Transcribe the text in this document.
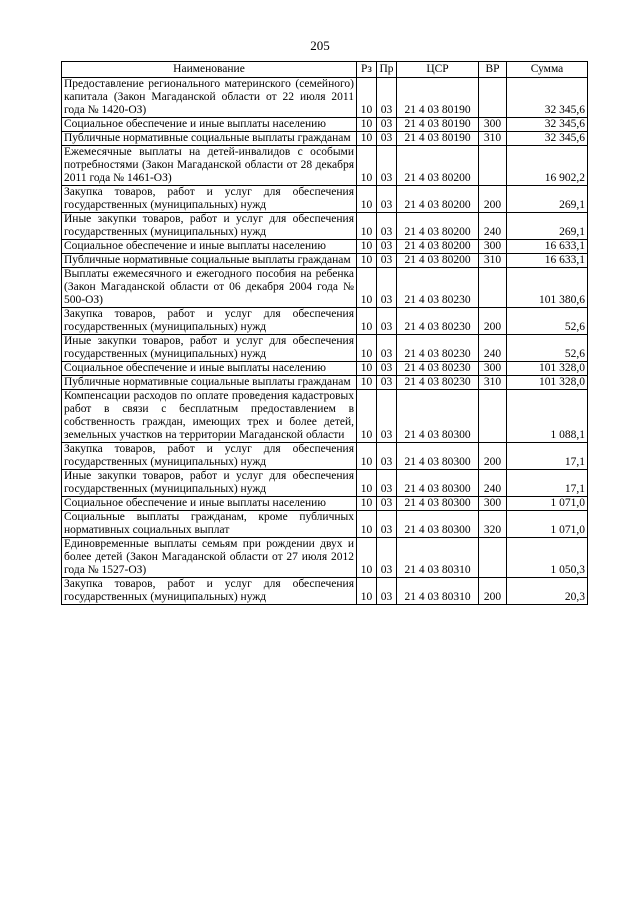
205
Наименование	Рз	Пр	ЦСР	ВР	Сумма
Предоставление регионального материнского (семейного) капитала (Закон Магаданской области от 22 июля 2011 года № 1420-ОЗ)	10	03	21 4 03 80190		32 345,6
Социальное обеспечение и иные выплаты населению	10	03	21 4 03 80190	300	32 345,6
Публичные нормативные социальные выплаты гражданам	10	03	21 4 03 80190	310	32 345,6
Ежемесячные выплаты на детей-инвалидов с особыми потребностями (Закон Магаданской области от 28 декабря 2011 года № 1461-ОЗ)	10	03	21 4 03 80200		16 902,2
Закупка товаров, работ и услуг для обеспечения государственных (муниципальных) нужд	10	03	21 4 03 80200	200	269,1
Иные закупки товаров, работ и услуг для обеспечения государственных (муниципальных) нужд	10	03	21 4 03 80200	240	269,1
Социальное обеспечение и иные выплаты населению	10	03	21 4 03 80200	300	16 633,1
Публичные нормативные социальные выплаты гражданам	10	03	21 4 03 80200	310	16 633,1
Выплаты ежемесячного и ежегодного пособия на ребенка (Закон Магаданской области от 06 декабря 2004 года № 500-ОЗ)	10	03	21 4 03 80230		101 380,6
Закупка товаров, работ и услуг для обеспечения государственных (муниципальных) нужд	10	03	21 4 03 80230	200	52,6
Иные закупки товаров, работ и услуг для обеспечения государственных (муниципальных) нужд	10	03	21 4 03 80230	240	52,6
Социальное обеспечение и иные выплаты населению	10	03	21 4 03 80230	300	101 328,0
Публичные нормативные социальные выплаты гражданам	10	03	21 4 03 80230	310	101 328,0
Компенсации расходов по оплате проведения кадастровых работ в связи с бесплатным предоставлением в собственность граждан, имеющих трех и более детей, земельных участков на территории Магаданской области	10	03	21 4 03 80300		1 088,1
Закупка товаров, работ и услуг для обеспечения государственных (муниципальных) нужд	10	03	21 4 03 80300	200	17,1
Иные закупки товаров, работ и услуг для обеспечения государственных (муниципальных) нужд	10	03	21 4 03 80300	240	17,1
Социальное обеспечение и иные выплаты населению	10	03	21 4 03 80300	300	1 071,0
Социальные выплаты гражданам, кроме публичных нормативных социальных выплат	10	03	21 4 03 80300	320	1 071,0
Единовременные выплаты семьям при рождении двух и более детей (Закон Магаданской области от 27 июля 2012 года № 1527-ОЗ)	10	03	21 4 03 80310		1 050,3
Закупка товаров, работ и услуг для обеспечения государственных (муниципальных) нужд	10	03	21 4 03 80310	200	20,3
